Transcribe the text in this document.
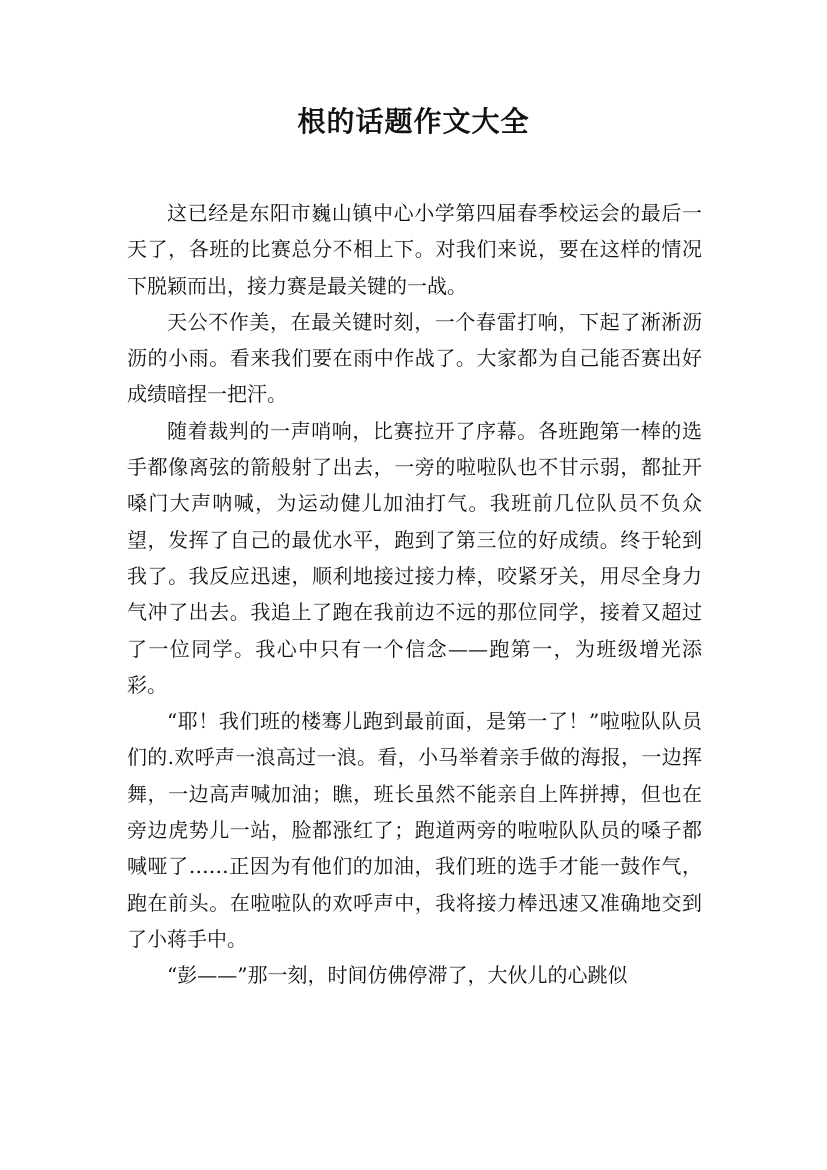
根的话题作文大全

这已经是东阳市巍山镇中心小学第四届春季校运会的最后一天了，各班的比赛总分不相上下。对我们来说，要在这样的情况下脱颖而出，接力赛是最关键的一战。

天公不作美，在最关键时刻，一个春雷打响，下起了淅淅沥沥的小雨。看来我们要在雨中作战了。大家都为自己能否赛出好成绩暗捏一把汗。

随着裁判的一声哨响，比赛拉开了序幕。各班跑第一棒的选手都像离弦的箭般射了出去，一旁的啦啦队也不甘示弱，都扯开嗓门大声呐喊，为运动健儿加油打气。我班前几位队员不负众望，发挥了自己的最优水平，跑到了第三位的好成绩。终于轮到我了。我反应迅速，顺利地接过接力棒，咬紧牙关，用尽全身力气冲了出去。我追上了跑在我前边不远的那位同学，接着又超过了一位同学。我心中只有一个信念——跑第一，为班级增光添彩。

“耶！我们班的楼骞儿跑到最前面，是第一了！”啦啦队队员们的.欢呼声一浪高过一浪。看，小马举着亲手做的海报，一边挥舞，一边高声喊加油；瞧，班长虽然不能亲自上阵拼搏，但也在旁边虎势儿一站，脸都涨红了；跑道两旁的啦啦队队员的嗓子都喊哑了……正因为有他们的加油，我们班的选手才能一鼓作气，跑在前头。在啦啦队的欢呼声中，我将接力棒迅速又准确地交到了小蒋手中。

“彭——”那一刻，时间仿佛停滞了，大伙儿的心跳似
